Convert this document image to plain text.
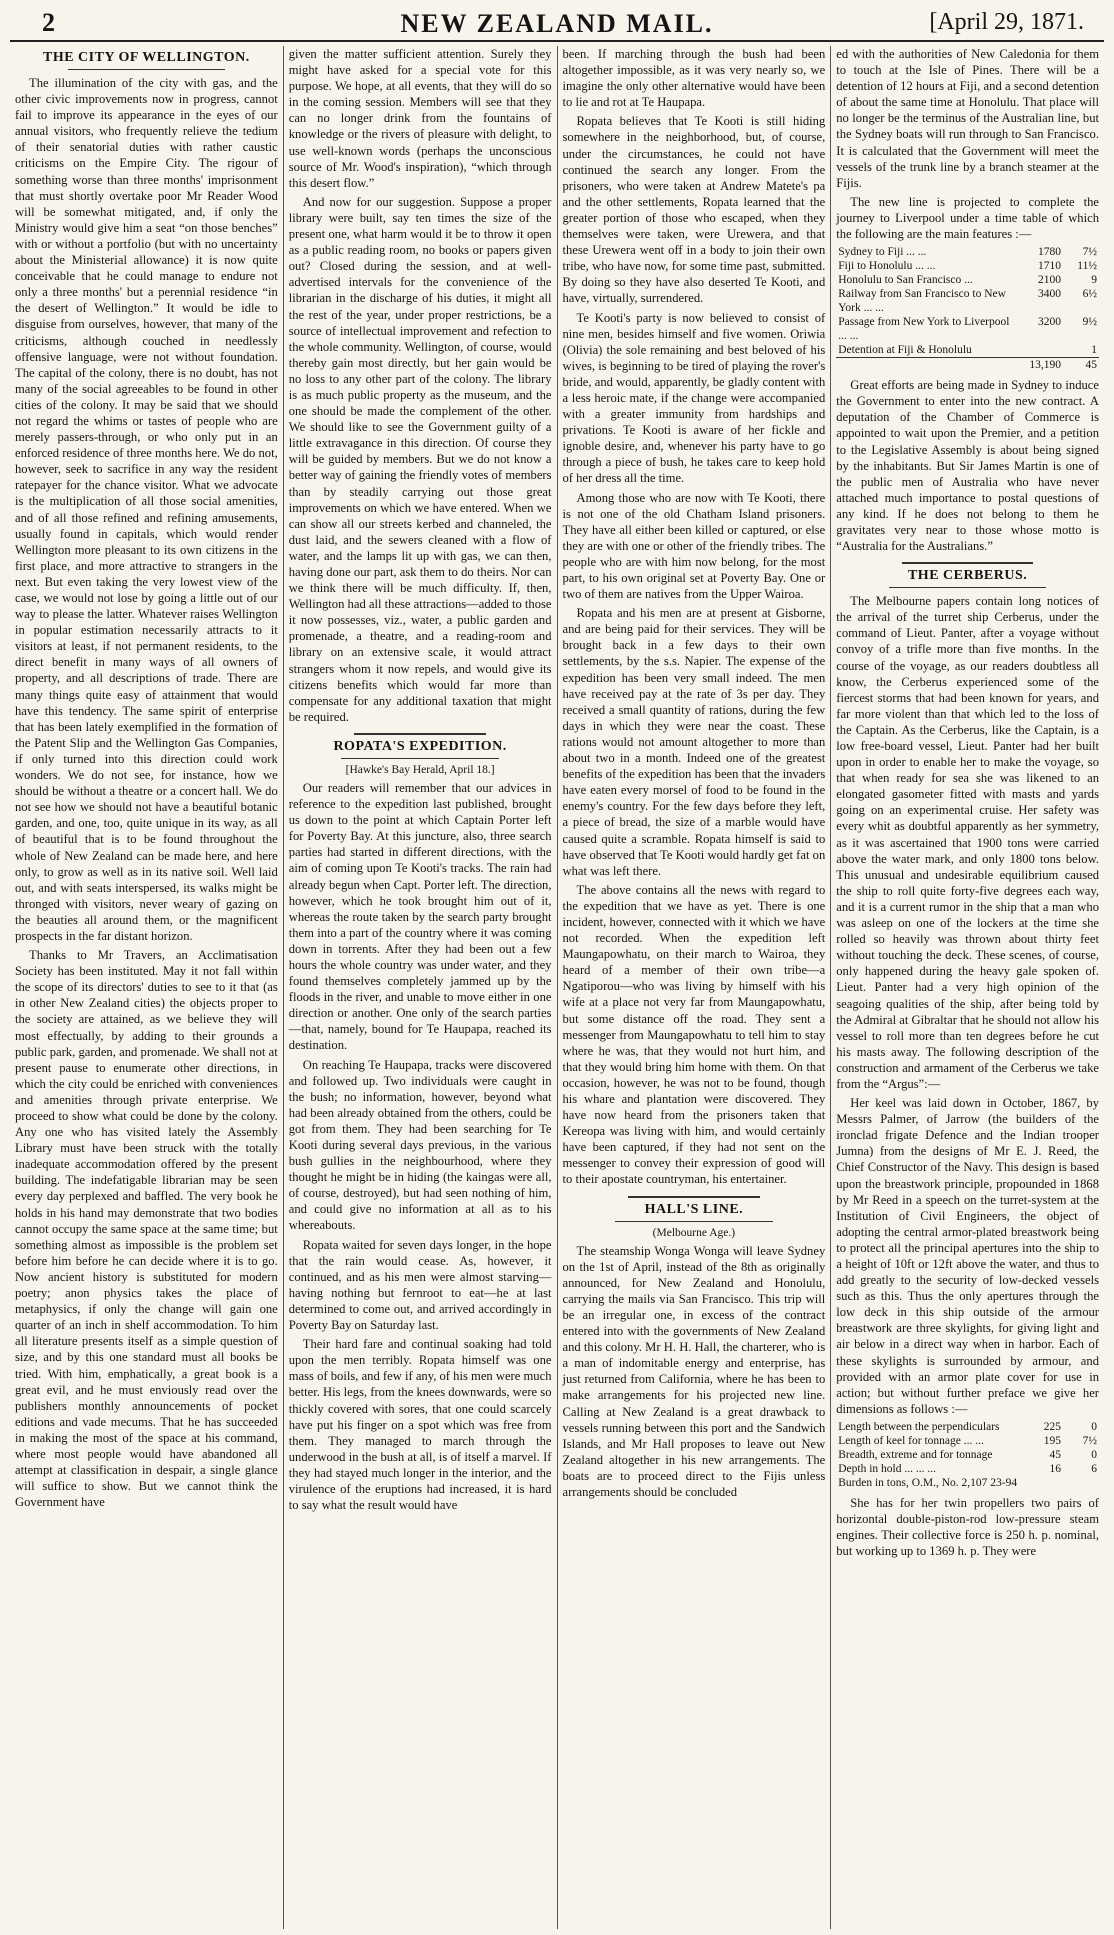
2	NEW ZEALAND MAIL.	[April 29, 1871.
THE CITY OF WELLINGTON.

The illumination of the city with gas, and the other civic improvements now in progress, cannot fail to improve its appearance in the eyes of our annual visitors, who frequently relieve the tedium of their senatorial duties with rather caustic criticisms on the Empire City. The rigour of something worse than three months' imprisonment that must shortly overtake poor Mr Reader Wood will be somewhat mitigated, and, if only the Ministry would give him a seat “on those benches” with or without a portfolio (but with no uncertainty about the Ministerial allowance) it is now quite conceivable that he could manage to endure not only a three months' but a perennial residence “in the desert of Wellington.” It would be idle to disguise from ourselves, however, that many of the criticisms, although couched in needlessly offensive language, were not without foundation. The capital of the colony, there is no doubt, has not many of the social agreeables to be found in other cities of the colony. It may be said that we should not regard the whims or tastes of people who are merely passers-through, or who only put in an enforced residence of three months here. We do not, however, seek to sacrifice in any way the resident ratepayer for the chance visitor. What we advocate is the multiplication of all those social amenities, and of all those refined and refining amusements, usually found in capitals, which would render Wellington more pleasant to its own citizens in the first place, and more attractive to strangers in the next. But even taking the very lowest view of the case, we would not lose by going a little out of our way to please the latter. Whatever raises Wellington in popular estimation necessarily attracts to it visitors at least, if not permanent residents, to the direct benefit in many ways of all owners of property, and all descriptions of trade. There are many things quite easy of attainment that would have this tendency. The same spirit of enterprise that has been lately exemplified in the formation of the Patent Slip and the Wellington Gas Companies, if only turned into this direction could work wonders. We do not see, for instance, how we should be without a theatre or a concert hall. We do not see how we should not have a beautiful botanic garden, and one, too, quite unique in its way, as all of beautiful that is to be found throughout the whole of New Zealand can be made here, and here only, to grow as well as in its native soil. Well laid out, and with seats interspersed, its walks might be thronged with visitors, never weary of gazing on the beauties all around them, or the magnificent prospects in the far distant horizon.

Thanks to Mr Travers, an Acclimatisation Society has been instituted. May it not fall within the scope of its directors' duties to see to it that (as in other New Zealand cities) the objects proper to the society are attained, as we believe they will most effectually, by adding to their grounds a public park, garden, and promenade. We shall not at present pause to enumerate other directions, in which the city could be enriched with conveniences and amenities through private enterprise. We proceed to show what could be done by the colony. Any one who has visited lately the Assembly Library must have been struck with the totally inadequate accommodation offered by the present building. The indefatigable librarian may be seen every day perplexed and baffled. The very book he holds in his hand may demonstrate that two bodies cannot occupy the same space at the same time; but something almost as impossible is the problem set before him before he can decide where it is to go. Now ancient history is substituted for modern poetry; anon physics takes the place of metaphysics, if only the change will gain one quarter of an inch in shelf accommodation. To him all literature presents itself as a simple question of size, and by this one standard must all books be tried. With him, emphatically, a great book is a great evil, and he must enviously read over the publishers monthly announcements of pocket editions and vade mecums. That he has succeeded in making the most of the space at his command, where most people would have abandoned all attempt at classification in despair, a single glance will suffice to show. But we cannot think the Government have

given the matter sufficient attention. Surely they might have asked for a special vote for this purpose. We hope, at all events, that they will do so in the coming session. Members will see that they can no longer drink from the fountains of knowledge or the rivers of pleasure with delight, to use well-known words (perhaps the unconscious source of Mr. Wood's inspiration), “which through this desert flow.”

And now for our suggestion. Suppose a proper library were built, say ten times the size of the present one, what harm would it be to throw it open as a public reading room, no books or papers given out? Closed during the session, and at well-advertised intervals for the convenience of the librarian in the discharge of his duties, it might all the rest of the year, under proper restrictions, be a source of intellectual improvement and refection to the whole community. Wellington, of course, would thereby gain most directly, but her gain would be no loss to any other part of the colony. The library is as much public property as the museum, and the one should be made the complement of the other. We should like to see the Government guilty of a little extravagance in this direction. Of course they will be guided by members. But we do not know a better way of gaining the friendly votes of members than by steadily carrying out those great improvements on which we have entered. When we can show all our streets kerbed and channeled, the dust laid, and the sewers cleaned with a flow of water, and the lamps lit up with gas, we can then, having done our part, ask them to do theirs. Nor can we think there will be much difficulty. If, then, Wellington had all these attractions—added to those it now possesses, viz., water, a public garden and promenade, a theatre, and a reading-room and library on an extensive scale, it would attract strangers whom it now repels, and would give its citizens benefits which would far more than compensate for any additional taxation that might be required.

ROPATA'S EXPEDITION.
[Hawke's Bay Herald, April 18.]

Our readers will remember that our advices in reference to the expedition last published, brought us down to the point at which Captain Porter left for Poverty Bay. At this juncture, also, three search parties had started in different directions, with the aim of coming upon Te Kooti's tracks. The rain had already begun when Capt. Porter left. The direction, however, which he took brought him out of it, whereas the route taken by the search party brought them into a part of the country where it was coming down in torrents. After they had been out a few hours the whole country was under water, and they found themselves completely jammed up by the floods in the river, and unable to move either in one direction or another. One only of the search parties—that, namely, bound for Te Haupapa, reached its destination.

On reaching Te Haupapa, tracks were discovered and followed up. Two individuals were caught in the bush; no information, however, beyond what had been already obtained from the others, could be got from them. They had been searching for Te Kooti during several days previous, in the various bush gullies in the neighbourhood, where they thought he might be in hiding (the kaingas were all, of course, destroyed), but had seen nothing of him, and could give no information at all as to his whereabouts.

Ropata waited for seven days longer, in the hope that the rain would cease. As, however, it continued, and as his men were almost starving—having nothing but fernroot to eat—he at last determined to come out, and arrived accordingly in Poverty Bay on Saturday last.

Their hard fare and continual soaking had told upon the men terribly. Ropata himself was one mass of boils, and few if any, of his men were much better. His legs, from the knees downwards, were so thickly covered with sores, that one could scarcely have put his finger on a spot which was free from them. They managed to march through the underwood in the bush at all, is of itself a marvel. If they had stayed much longer in the interior, and the virulence of the eruptions had increased, it is hard to say what the result would have

been. If marching through the bush had been altogether impossible, as it was very nearly so, we imagine the only other alternative would have been to lie and rot at Te Haupapa.

Ropata believes that Te Kooti is still hiding somewhere in the neighborhood, but, of course, under the circumstances, he could not have continued the search any longer. From the prisoners, who were taken at Andrew Matete's pa and the other settlements, Ropata learned that the greater portion of those who escaped, when they themselves were taken, were Urewera, and that these Urewera went off in a body to join their own tribe, who have now, for some time past, submitted. By doing so they have also deserted Te Kooti, and have, virtually, surrendered.

Te Kooti's party is now believed to consist of nine men, besides himself and five women. Oriwia (Olivia) the sole remaining and best beloved of his wives, is beginning to be tired of playing the rover's bride, and would, apparently, be gladly content with a less heroic mate, if the change were accompanied with a greater immunity from hardships and privations. Te Kooti is aware of her fickle and ignoble desire, and, whenever his party have to go through a piece of bush, he takes care to keep hold of her dress all the time.

Among those who are now with Te Kooti, there is not one of the old Chatham Island prisoners. They have all either been killed or captured, or else they are with one or other of the friendly tribes. The people who are with him now belong, for the most part, to his own original set at Poverty Bay. One or two of them are natives from the Upper Wairoa.

Ropata and his men are at present at Gisborne, and are being paid for their services. They will be brought back in a few days to their own settlements, by the s.s. Napier. The expense of the expedition has been very small indeed. The men have received pay at the rate of 3s per day. They received a small quantity of rations, during the few days in which they were near the coast. These rations would not amount altogether to more than about two in a month. Indeed one of the greatest benefits of the expedition has been that the invaders have eaten every morsel of food to be found in the enemy's country. For the few days before they left, a piece of bread, the size of a marble would have caused quite a scramble. Ropata himself is said to have observed that Te Kooti would hardly get fat on what was left there.

The above contains all the news with regard to the expedition that we have as yet. There is one incident, however, connected with it which we have not recorded. When the expedition left Maungapowhatu, on their march to Wairoa, they heard of a member of their own tribe—a Ngatiporou—who was living by himself with his wife at a place not very far from Maungapowhatu, but some distance off the road. They sent a messenger from Maungapowhatu to tell him to stay where he was, that they would not hurt him, and that they would bring him home with them. On that occasion, however, he was not to be found, though his whare and plantation were discovered. They have now heard from the prisoners taken that Kereopa was living with him, and would certainly have been captured, if they had not sent on the messenger to convey their expression of good will to their apostate countryman, his entertainer.

HALL'S LINE.
(Melbourne Age.)

The steamship Wonga Wonga will leave Sydney on the 1st of April, instead of the 8th as originally announced, for New Zealand and Honolulu, carrying the mails via San Francisco. This trip will be an irregular one, in excess of the contract entered into with the governments of New Zealand and this colony. Mr H. H. Hall, the charterer, who is a man of indomitable energy and enterprise, has just returned from California, where he has been to make arrangements for his projected new line. Calling at New Zealand is a great drawback to vessels running between this port and the Sandwich Islands, and Mr Hall proposes to leave out New Zealand altogether in his new arrangements. The boats are to proceed direct to the Fijis unless arrangements should be concluded

ed with the authorities of New Caledonia for them to touch at the Isle of Pines. There will be a detention of 12 hours at Fiji, and a second detention of about the same time at Honolulu. That place will no longer be the terminus of the Australian line, but the Sydney boats will run through to San Francisco. It is calculated that the Government will meet the vessels of the trunk line by a branch steamer at the Fijis.

The new line is projected to complete the journey to Liverpool under a time table of which the following are the main features :—

Sydney to Fiji ... ...	1780	7½
Fiji to Honolulu ... ...	1710	11½
Honolulu to San Francisco ...	2100	9
Railway from San Francisco to New York ... ...	3400	6½
Passage from New York to Liverpool ... ...	3200	9½
Detention at Fiji & Honolulu		1
	13,190	45

Great efforts are being made in Sydney to induce the Government to enter into the new contract. A deputation of the Chamber of Commerce is appointed to wait upon the Premier, and a petition to the Legislative Assembly is about being signed by the inhabitants. But Sir James Martin is one of the public men of Australia who have never attached much importance to postal questions of any kind. If he does not belong to them he gravitates very near to those whose motto is “Australia for the Australians.”

THE CERBERUS.

The Melbourne papers contain long notices of the arrival of the turret ship Cerberus, under the command of Lieut. Panter, after a voyage without convoy of a trifle more than five months. In the course of the voyage, as our readers doubtless all know, the Cerberus experienced some of the fiercest storms that had been known for years, and far more violent than that which led to the loss of the Captain. As the Cerberus, like the Captain, is a low free-board vessel, Lieut. Panter had her built upon in order to enable her to make the voyage, so that when ready for sea she was likened to an elongated gasometer fitted with masts and yards going on an experimental cruise. Her safety was every whit as doubtful apparently as her symmetry, as it was ascertained that 1900 tons were carried above the water mark, and only 1800 tons below. This unusual and undesirable equilibrium caused the ship to roll quite forty-five degrees each way, and it is a current rumor in the ship that a man who was asleep on one of the lockers at the time she rolled so heavily was thrown about thirty feet without touching the deck. These scenes, of course, only happened during the heavy gale spoken of. Lieut. Panter had a very high opinion of the seagoing qualities of the ship, after being told by the Admiral at Gibraltar that he should not allow his vessel to roll more than ten degrees before he cut his masts away. The following description of the construction and armament of the Cerberus we take from the “Argus”:—

Her keel was laid down in October, 1867, by Messrs Palmer, of Jarrow (the builders of the ironclad frigate Defence and the Indian trooper Jumna) from the designs of Mr E. J. Reed, the Chief Constructor of the Navy. This design is based upon the breastwork principle, propounded in 1868 by Mr Reed in a speech on the turret-system at the Institution of Civil Engineers, the object of adopting the central armor-plated breastwork being to protect all the principal apertures into the ship to a height of 10ft or 12ft above the water, and thus to add greatly to the security of low-decked vessels such as this. Thus the only apertures through the low deck in this ship outside of the armour breastwork are three skylights, for giving light and air below in a direct way when in harbor. Each of these skylights is surrounded by armour, and provided with an armor plate cover for use in action; but without further preface we give her dimensions as follows :—

Length between the perpendiculars	225	0
Length of keel for tonnage ... ...	195	7½
Breadth, extreme and for tonnage	45	0
Depth in hold ... ... ...	16	6
Burden in tons, O.M., No. 2,107 23-94		

She has for her twin propellers two pairs of horizontal double-piston-rod low-pressure steam engines. Their collective force is 250 h. p. nominal, but working up to 1369 h. p. They were
